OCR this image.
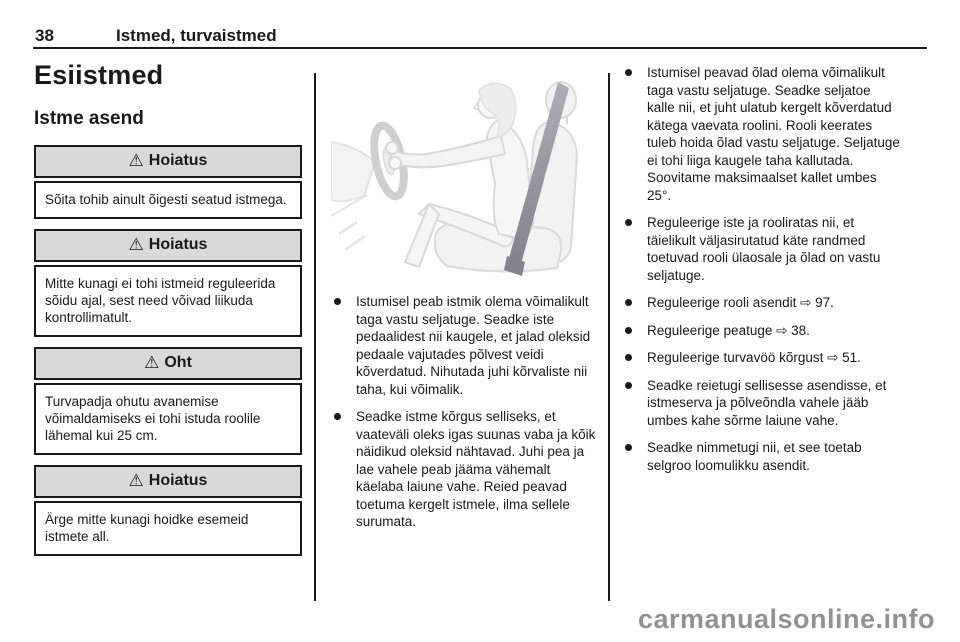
38	Istmed, turvaistmed
Esiistmed
Istme asend
⚠ Hoiatus
Sõita tohib ainult õigesti seatud istmega.
⚠ Hoiatus
Mitte kunagi ei tohi istmeid reguleerida sõidu ajal, sest need võivad liikuda kontrollimatult.
⚠ Oht
Turvapadja ohutu avanemise võimaldamiseks ei tohi istuda roolile lähemal kui 25 cm.
⚠ Hoiatus
Ärge mitte kunagi hoidke esemeid istmete all.
Istumisel peab istmik olema võimalikult taga vastu seljatuge. Seadke iste pedaalidest nii kaugele, et jalad oleksid pedaale vajutades põlvest veidi kõverdatud. Nihutada juhi kõrvaliste nii taha, kui võimalik.
Seadke istme kõrgus selliseks, et vaateväli oleks igas suunas vaba ja kõik näidikud oleksid nähtavad. Juhi pea ja lae vahele peab jääma vähemalt käelaba laiune vahe. Reied peavad toetuma kergelt istmele, ilma sellele surumata.
Istumisel peavad õlad olema võimalikult taga vastu seljatuge. Seadke seljatoe kalle nii, et juht ulatub kergelt kõverdatud kätega vaevata roolini. Rooli keerates tuleb hoida õlad vastu seljatuge. Seljatuge ei tohi liiga kaugele taha kallutada. Soovitame maksimaalset kallet umbes 25°.
Reguleerige iste ja rooliratas nii, et täielikult väljasirutatud käte randmed toetuvad rooli ülaosale ja õlad on vastu seljatuge.
Reguleerige rooli asendit ⇨ 97.
Reguleerige peatuge ⇨ 38.
Reguleerige turvavöö kõrgust ⇨ 51.
Seadke reietugi sellisesse asendisse, et istmeserva ja põlveõndla vahele jääb umbes kahe sõrme laiune vahe.
Seadke nimmetugi nii, et see toetab selgroo loomulikku asendit.
carmanualsonline.info
